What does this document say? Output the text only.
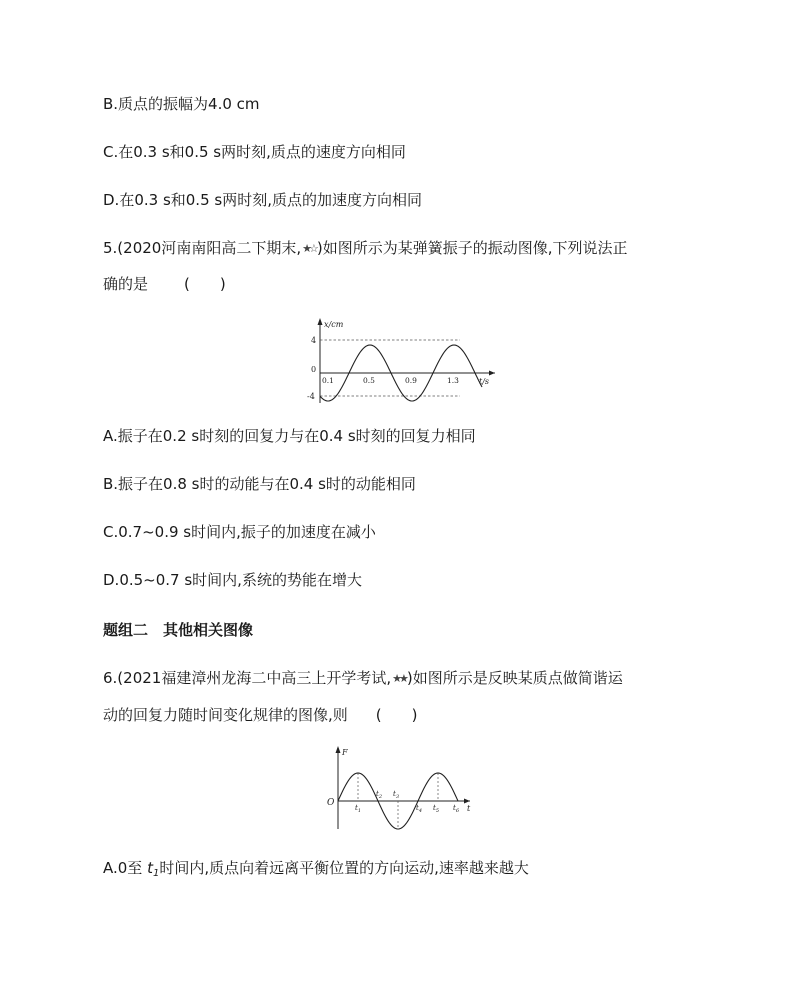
B.质点的振幅为4.0 cm
C.在0.3 s和0.5 s两时刻,质点的速度方向相同
D.在0.3 s和0.5 s两时刻,质点的加速度方向相同
5.(2020河南南阳高二下期末,★☆)如图所示为某弹簧振子的振动图像,下列说法正
确的是 (　　)
x/cm
t/s
0
4
-4
0.1	0.5	0.9	1.3
A.振子在0.2 s时刻的回复力与在0.4 s时刻的回复力相同
B.振子在0.8 s时的动能与在0.4 s时的动能相同
C.0.7~0.9 s时间内,振子的加速度在减小
D.0.5~0.7 s时间内,系统的势能在增大
题组二　其他相关图像
6.(2021福建漳州龙海二中高三上开学考试,★★)如图所示是反映某质点做简谐运
动的回复力随时间变化规律的图像,则 (　　)
F
t
O	$t_1$
$t_2$ $t_3$
$t_4$ $t_5$ $t_6$
A.0至 $t_1$时间内,质点向着远离平衡位置的方向运动,速率越来越大
